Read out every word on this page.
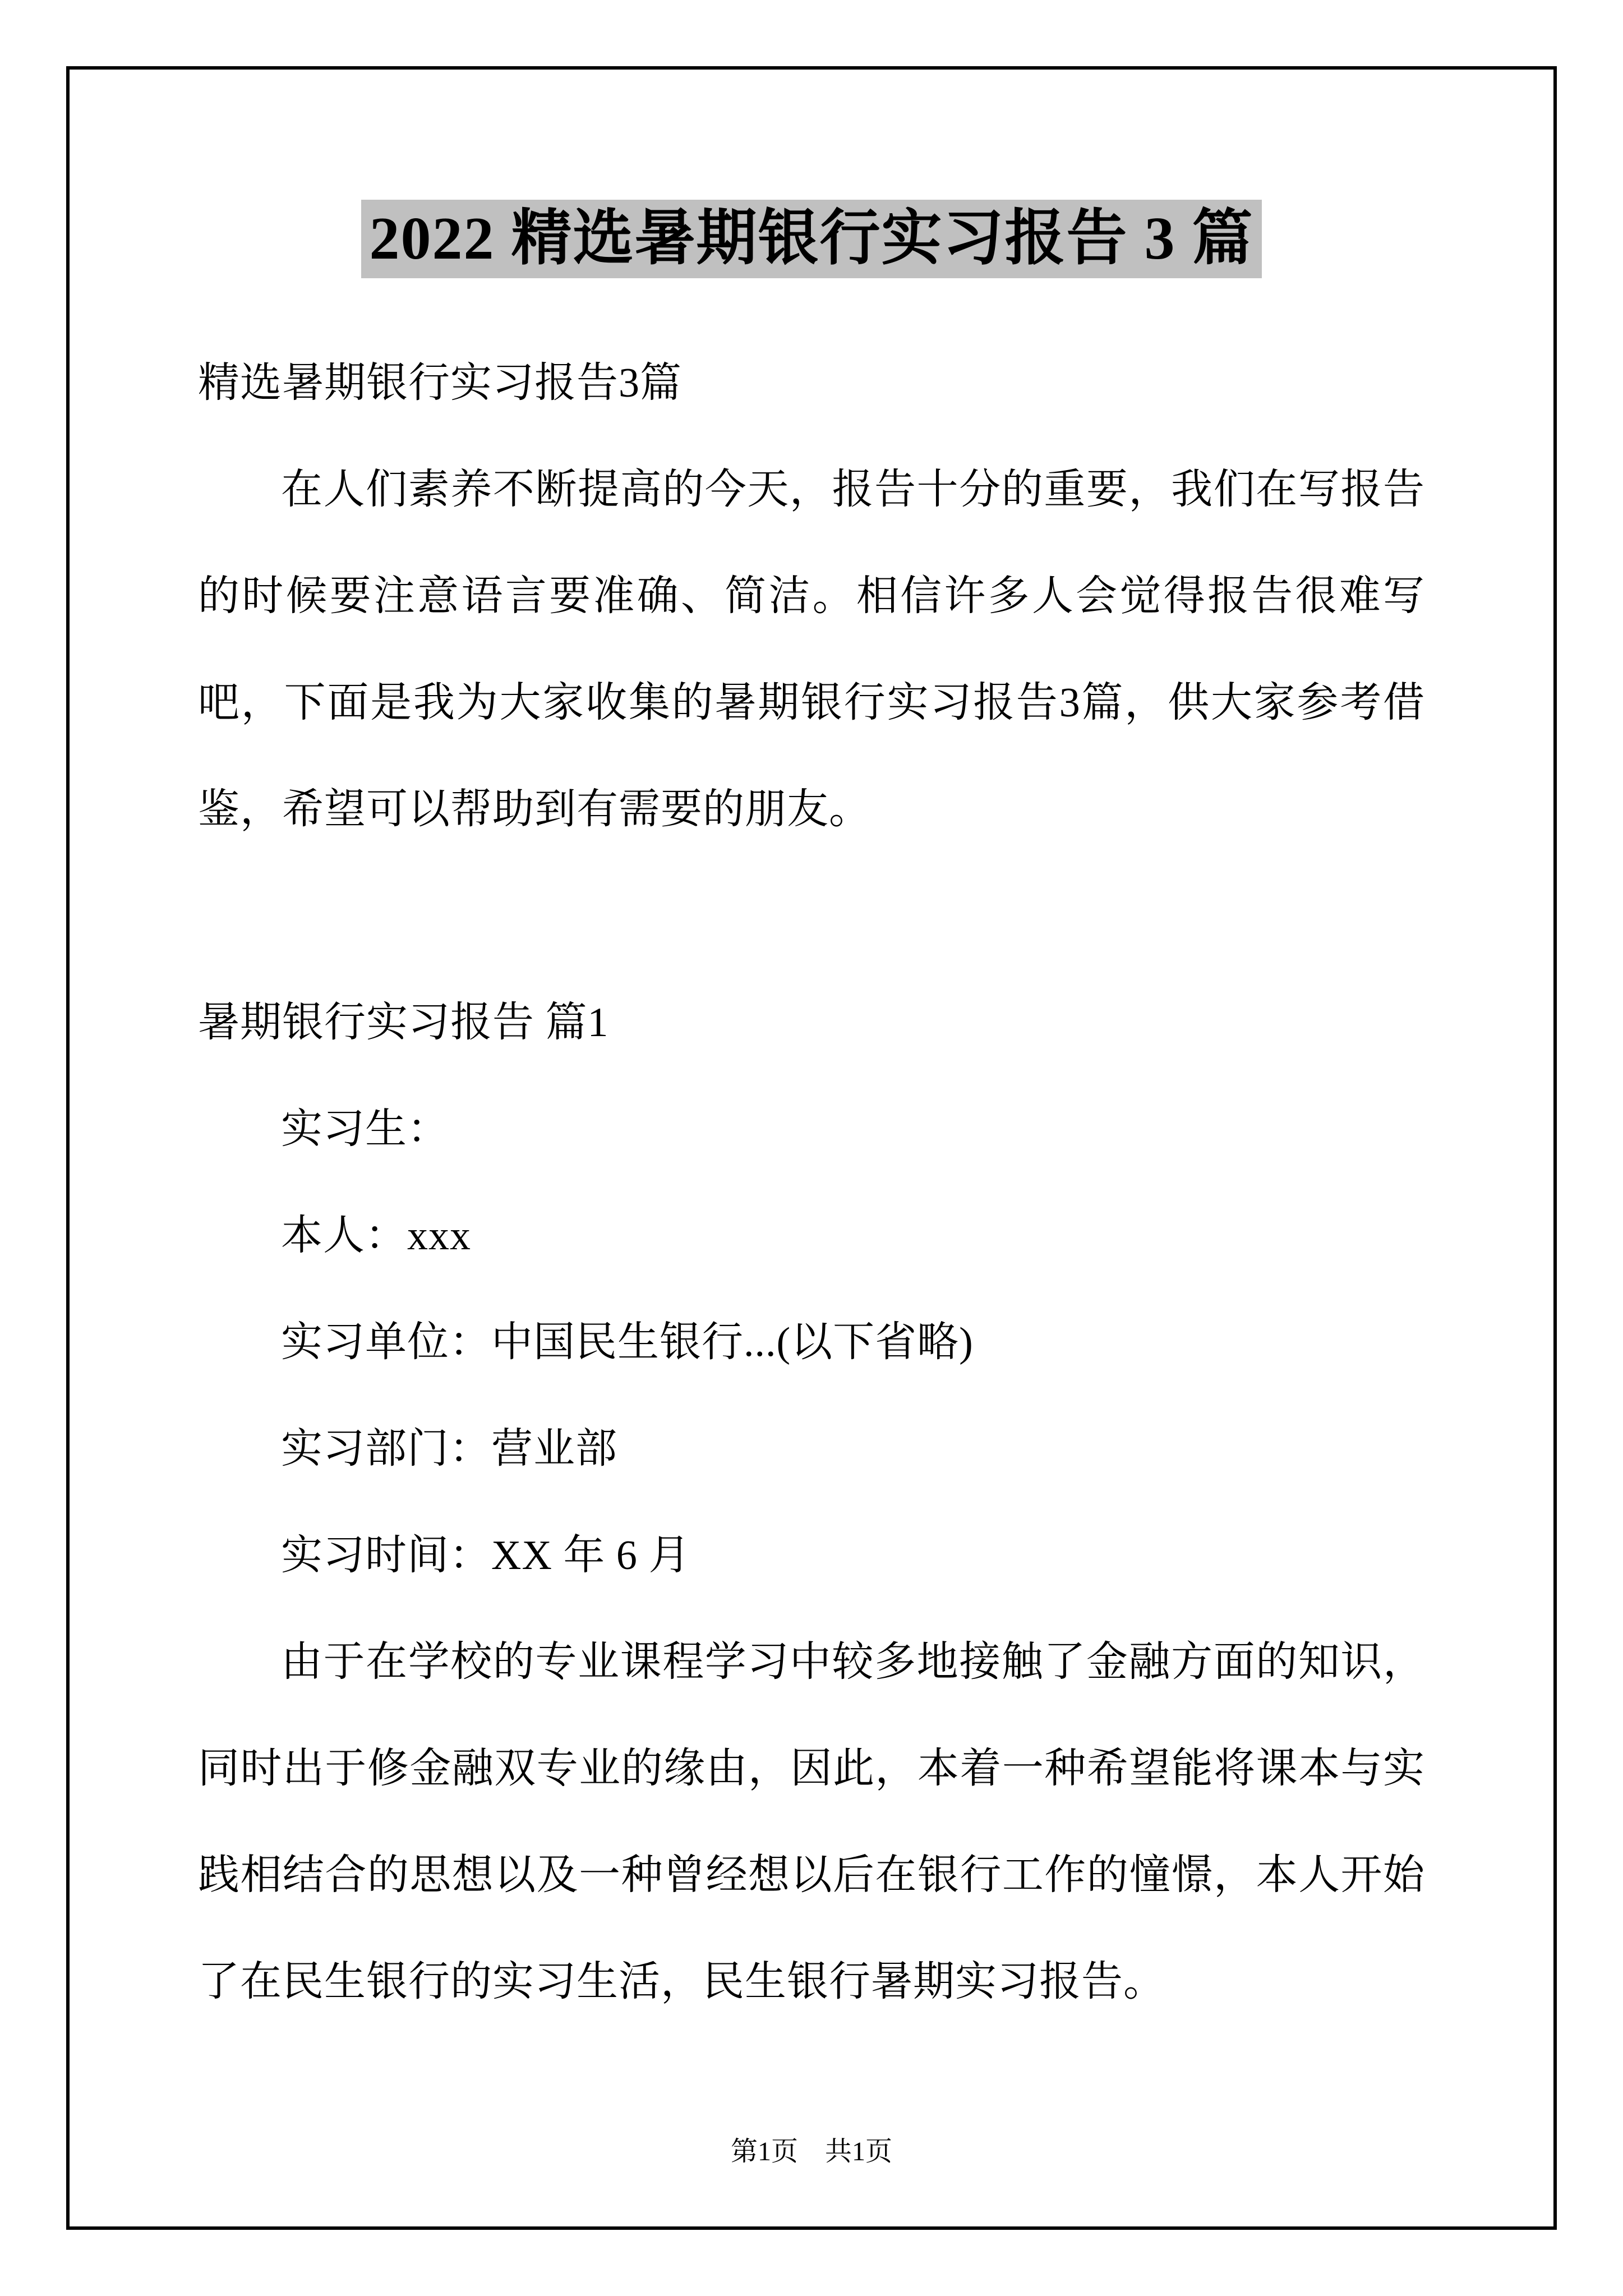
2022 精选暑期银行实习报告 3 篇

精选暑期银行实习报告3篇

在人们素养不断提高的今天，报告十分的重要，我们在写报告的时候要注意语言要准确、简洁。相信许多人会觉得报告很难写吧，下面是我为大家收集的暑期银行实习报告3篇，供大家参考借鉴，希望可以帮助到有需要的朋友。

暑期银行实习报告 篇1

实习生：

本人：xxx

实习单位：中国民生银行...(以下省略)

实习部门：营业部

实习时间：XX 年 6 月

由于在学校的专业课程学习中较多地接触了金融方面的知识，同时出于修金融双专业的缘由，因此，本着一种希望能将课本与实践相结合的思想以及一种曾经想以后在银行工作的憧憬，本人开始了在民生银行的实习生活，民生银行暑期实习报告。

第1页　共1页
